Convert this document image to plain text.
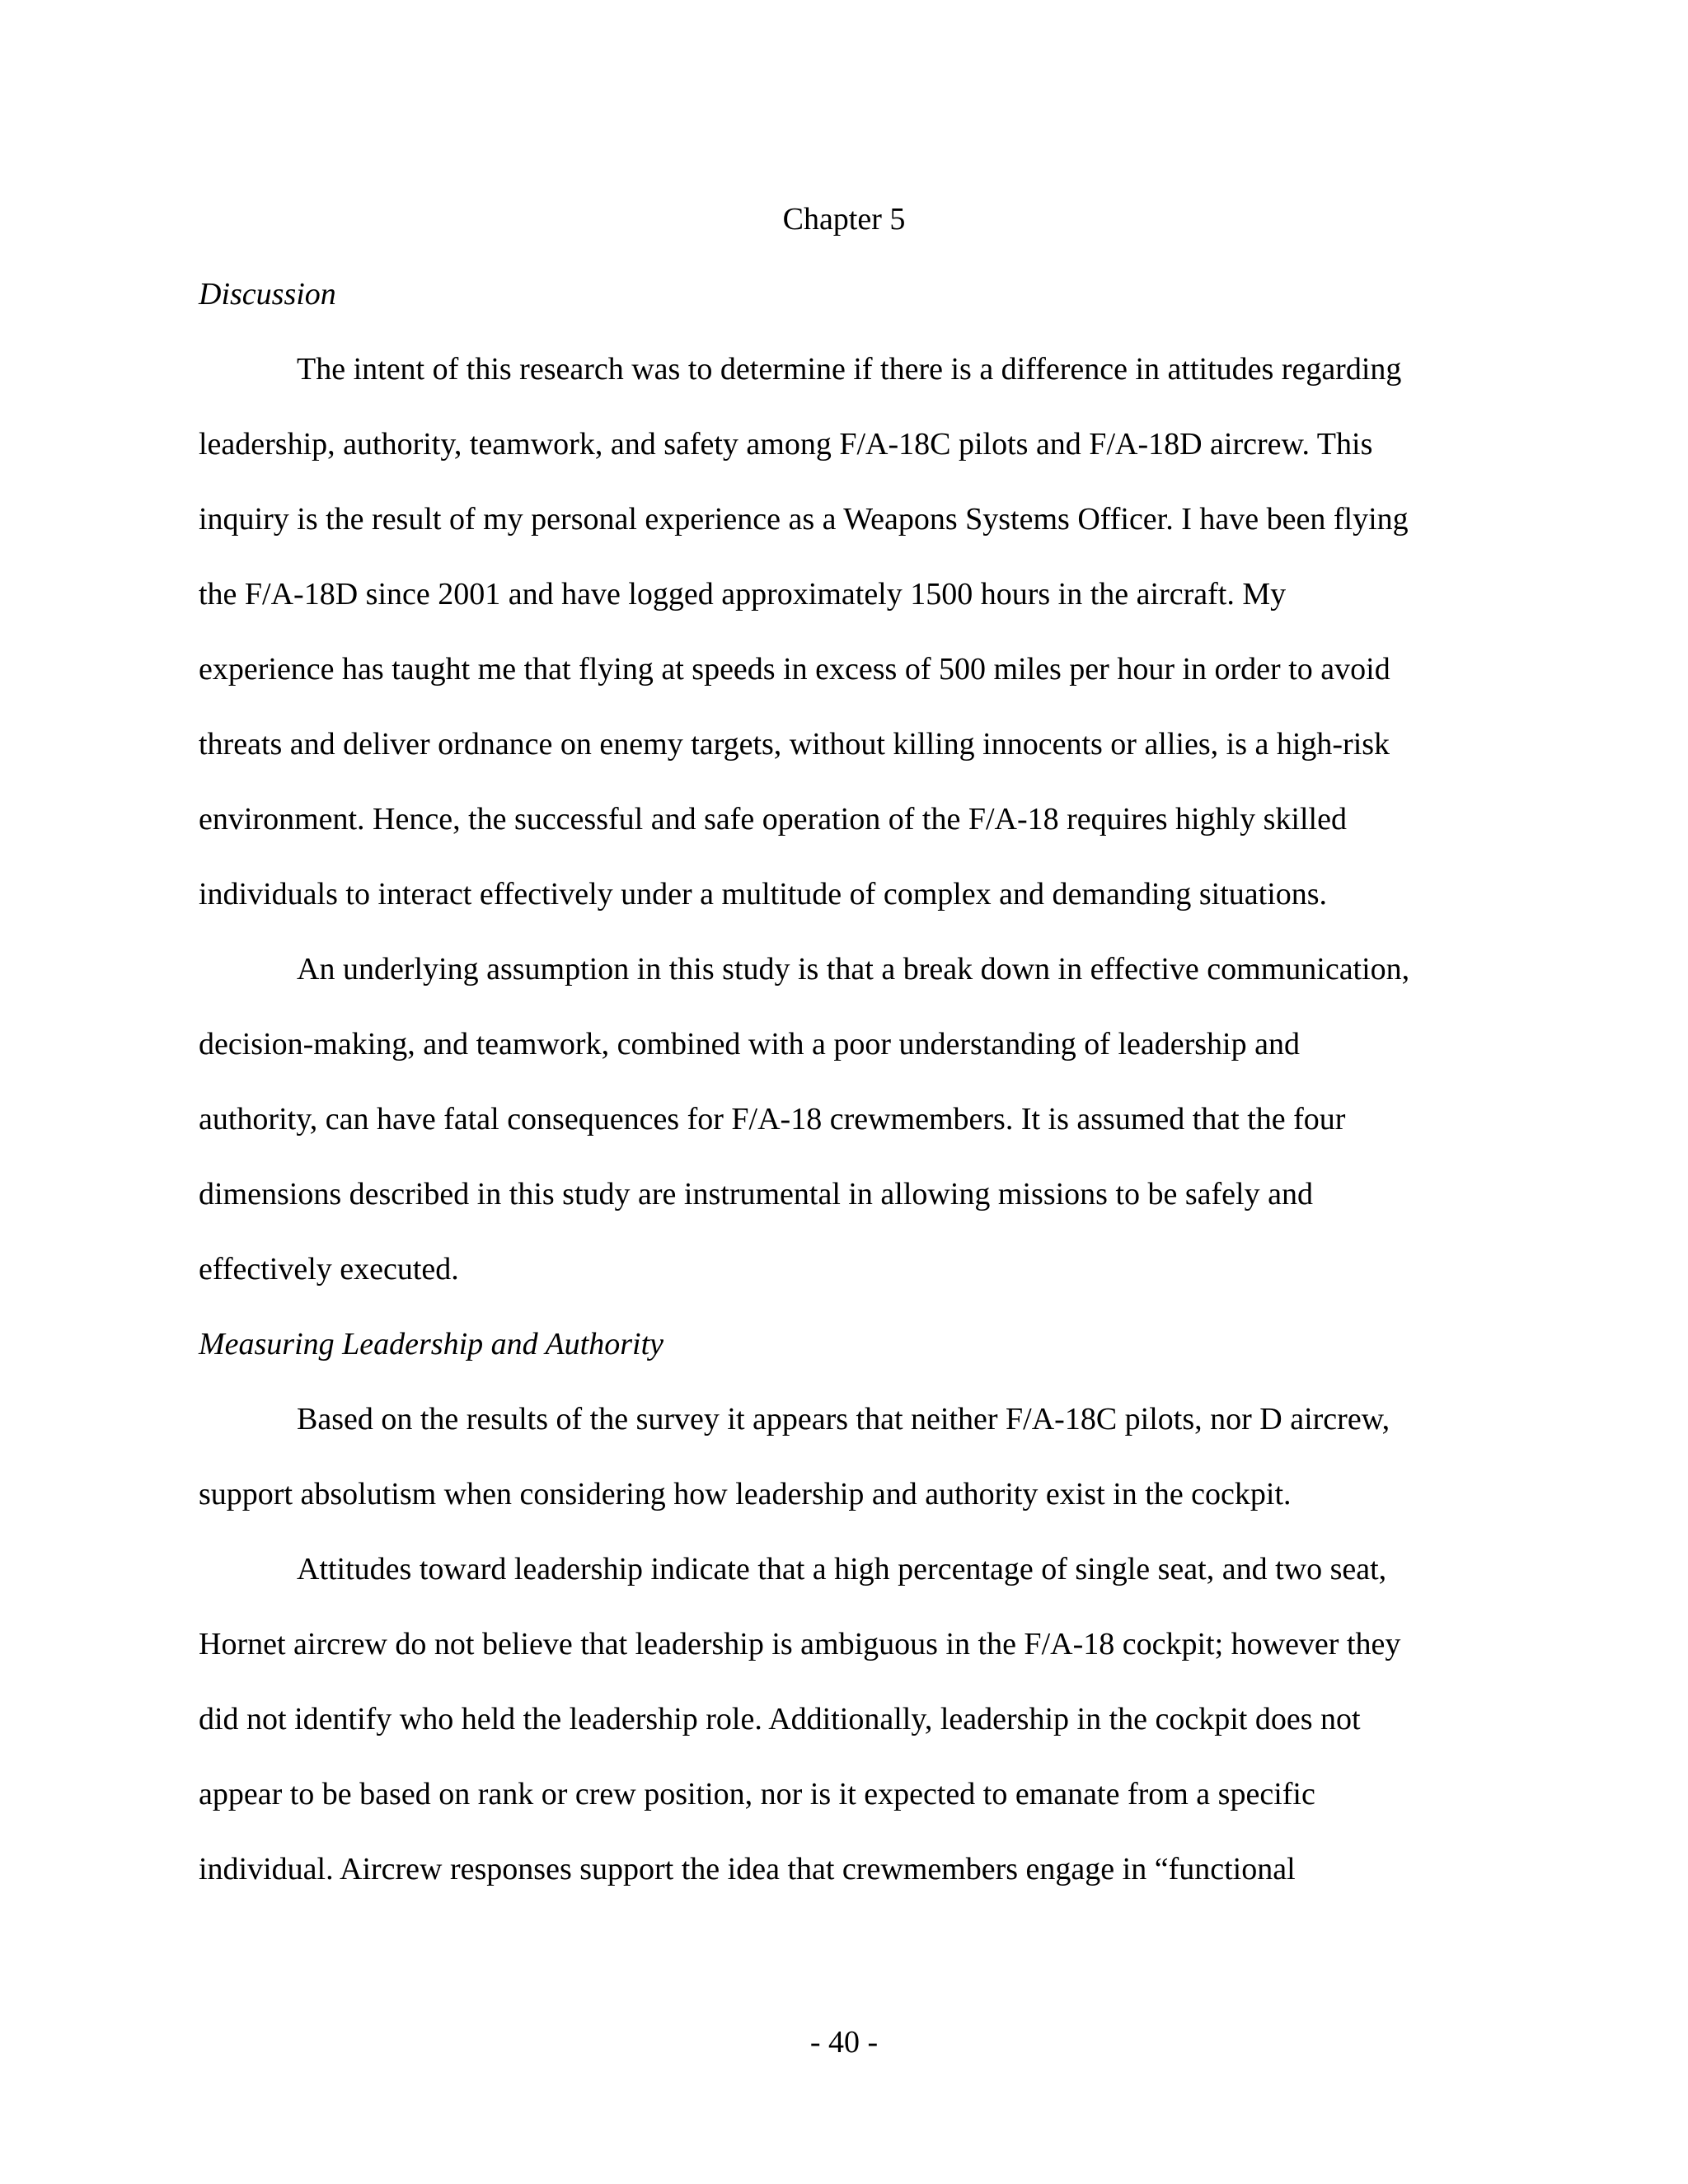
Chapter 5
Discussion
The intent of this research was to determine if there is a difference in attitudes regarding
leadership, authority, teamwork, and safety among F/A-18C pilots and F/A-18D aircrew. This
inquiry is the result of my personal experience as a Weapons Systems Officer. I have been flying
the F/A-18D since 2001 and have logged approximately 1500 hours in the aircraft. My
experience has taught me that flying at speeds in excess of 500 miles per hour in order to avoid
threats and deliver ordnance on enemy targets, without killing innocents or allies, is a high-risk
environment. Hence, the successful and safe operation of the F/A-18 requires highly skilled
individuals to interact effectively under a multitude of complex and demanding situations.
An underlying assumption in this study is that a break down in effective communication,
decision-making, and teamwork, combined with a poor understanding of leadership and
authority, can have fatal consequences for F/A-18 crewmembers. It is assumed that the four
dimensions described in this study are instrumental in allowing missions to be safely and
effectively executed.
Measuring Leadership and Authority
Based on the results of the survey it appears that neither F/A-18C pilots, nor D aircrew,
support absolutism when considering how leadership and authority exist in the cockpit.
Attitudes toward leadership indicate that a high percentage of single seat, and two seat,
Hornet aircrew do not believe that leadership is ambiguous in the F/A-18 cockpit; however they
did not identify who held the leadership role. Additionally, leadership in the cockpit does not
appear to be based on rank or crew position, nor is it expected to emanate from a specific
individual. Aircrew responses support the idea that crewmembers engage in “functional
- 40 -
